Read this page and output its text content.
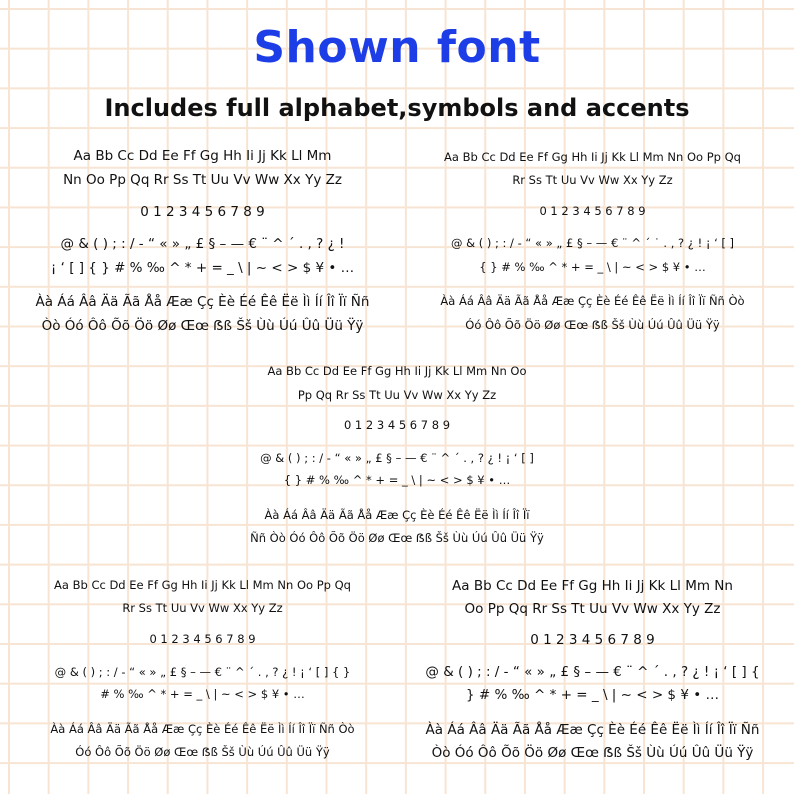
Shown font
Includes full alphabet,symbols and accents
Aa Bb Cc Dd Ee Ff Gg Hh Ii Jj Kk Ll Mm
Nn Oo Pp Qq Rr Ss Tt Uu Vv Ww Xx Yy Zz
0 1 2 3 4 5 6 7 8 9
@ & ( ) ; : / - “ « » „ £ § – — € ¨ ^ ´ . , ? ¿ !
¡ ‘ [ ] { } # % ‰ ^ * + = _ \ | ~ < > $ ¥ • …
Àà Áá Ââ Ää Ãã Åå Ææ Çç Èè Éé Êê Ëë Ìì Íí Îî Ïï Ññ
Òò Óó Ôô Õõ Öö Øø Œœ ẞß Šš Ùù Úú Ûû Üü Ÿÿ
Aa Bb Cc Dd Ee Ff Gg Hh Ii Jj Kk Ll Mm Nn Oo Pp Qq
Rr Ss Tt Uu Vv Ww Xx Yy Zz
0 1 2 3 4 5 6 7 8 9
@ & ( ) ; : / - “ « » „ £ § – — € ¨ ^ ´ ˙ . , ? ¿ ! ¡ ‘ [ ]
{ } # % ‰ ^ * + = _ \ | ~ < > $ ¥ • …
Àà Áá Ââ Ää Ãã Åå Ææ Çç Èè Éé Êê Ëë Ìì Íí Îî Ïï Ññ Òò
Óó Ôô Õõ Öö Øø Œœ ẞß Šš Ùù Úú Ûû Üü Ÿÿ
Aa Bb Cc Dd Ee Ff Gg Hh Ii Jj Kk Ll Mm Nn Oo
Pp Qq Rr Ss Tt Uu Vv Ww Xx Yy Zz
0 1 2 3 4 5 6 7 8 9
@ & ( ) ; : / - “ « » „ £ § – — € ¨ ^ ´ . , ? ¿ ! ¡ ‘ [ ]
{ } # % ‰ ^ * + = _ \ | ~ < > $ ¥ • …
Àà Áá Ââ Ää Ãã Åå Ææ Çç Èè Éé Êê Ëë Ìì Íí Îî Ïï
Ññ Òò Óó Ôô Õõ Öö Øø Œœ ẞß Šš Ùù Úú Ûû Üü Ÿÿ
Aa Bb Cc Dd Ee Ff Gg Hh Ii Jj Kk Ll Mm Nn Oo Pp Qq
Rr Ss Tt Uu Vv Ww Xx Yy Zz
0 1 2 3 4 5 6 7 8 9
@ & ( ) ; : / - “ « » „ £ § – — € ¨ ^ ´ . , ? ¿ ! ¡ ‘ [ ] { }
# % ‰ ^ * + = _ \ | ~ < > $ ¥ • …
Àà Áá Ââ Ää Ãã Åå Ææ Çç Èè Éé Êê Ëë Ìì Íí Îî Ïï Ññ Òò
Óó Ôô Õõ Öö Øø Œœ ẞß Šš Ùù Úú Ûû Üü Ÿÿ
Aa Bb Cc Dd Ee Ff Gg Hh Ii Jj Kk Ll Mm Nn
Oo Pp Qq Rr Ss Tt Uu Vv Ww Xx Yy Zz
0 1 2 3 4 5 6 7 8 9
@ & ( ) ; : / - “ « » „ £ § – — € ¨ ^ ´ . , ? ¿ ! ¡ ‘ [ ] {
} # % ‰ ^ * + = _ \ | ~ < > $ ¥ • …
Àà Áá Ââ Ää Ãã Åå Ææ Çç Èè Éé Êê Ëë Ìì Íí Îî Ïï Ññ
Òò Óó Ôô Õõ Öö Øø Œœ ẞß Šš Ùù Úú Ûû Üü Ÿÿ
